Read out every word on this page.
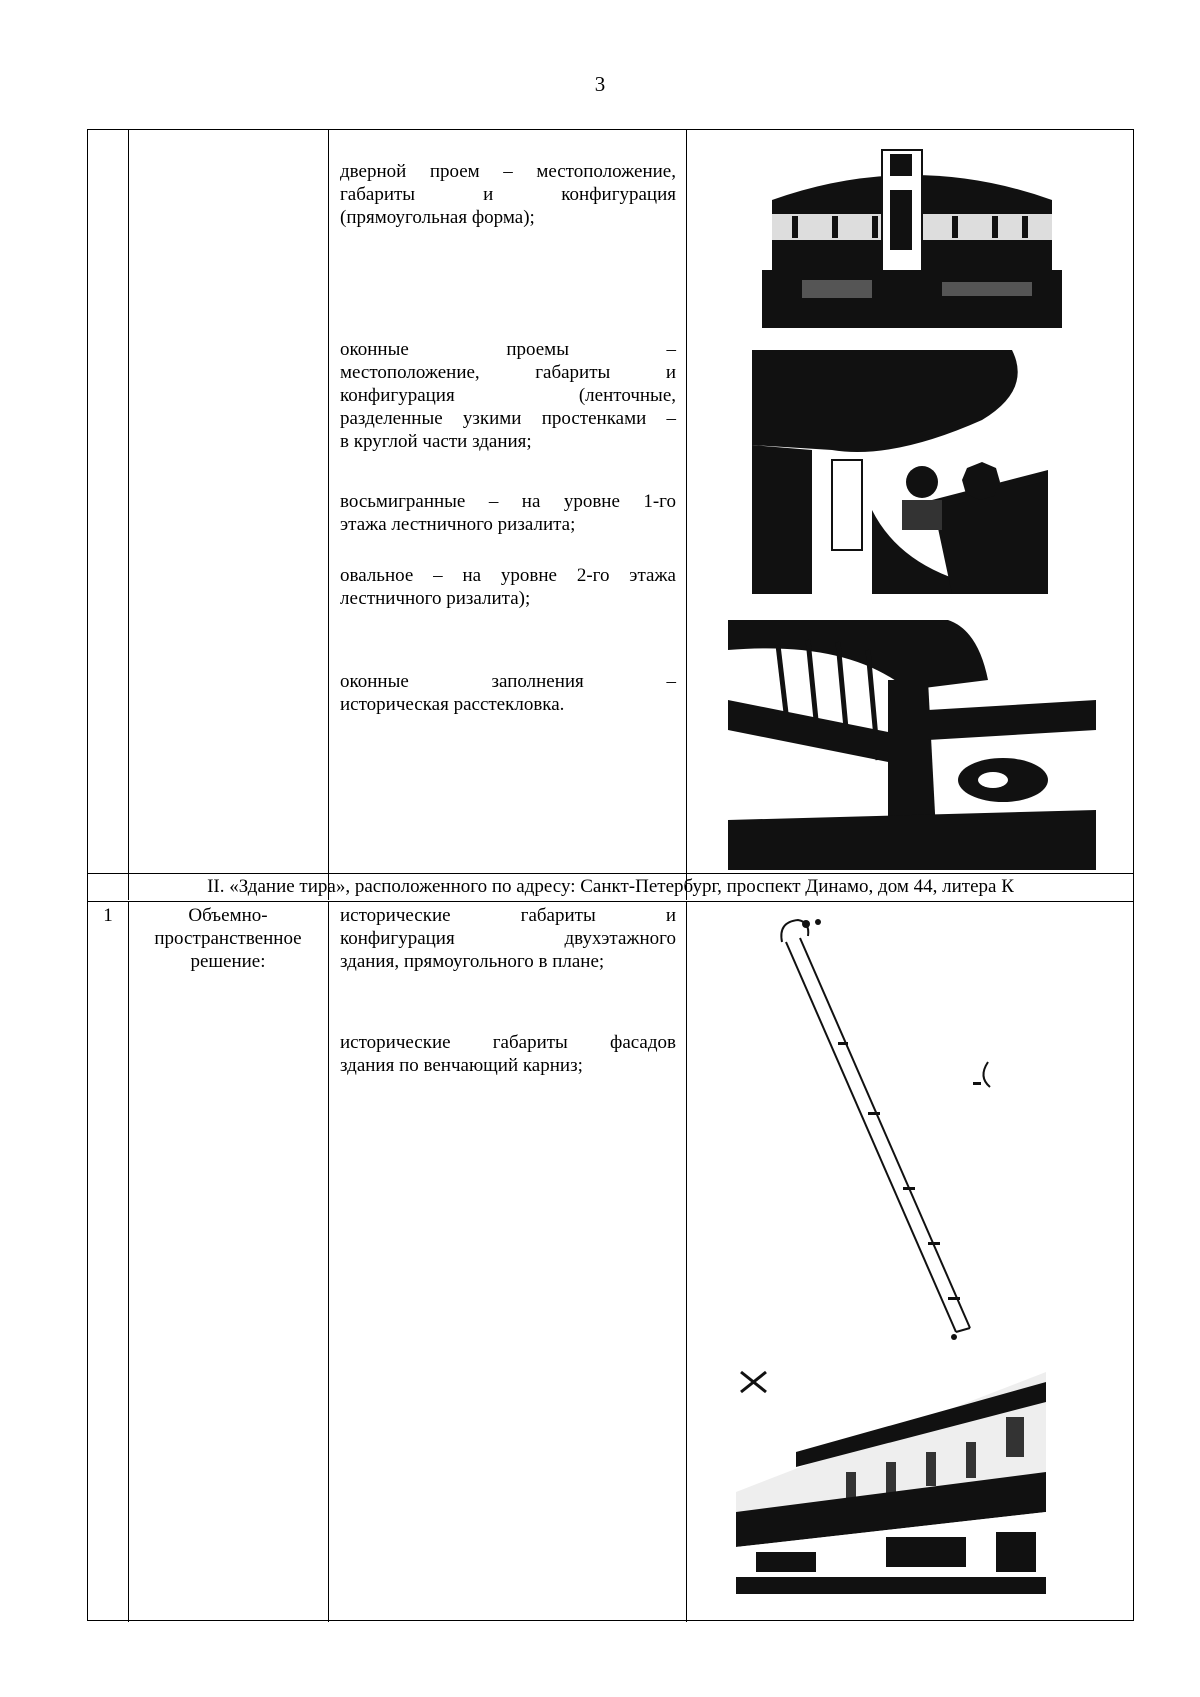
3
дверной проем – местоположение,
габариты и конфигурация
(прямоугольная форма);
оконные проемы –
местоположение, габариты и
конфигурация (ленточные,
разделенные узкими простенками –
в круглой части здания;
восьмигранные – на уровне 1-го
этажа лестничного ризалита;
овальное – на уровне 2-го этажа
лестничного ризалита);
оконные заполнения –
историческая расстекловка.
II. «Здание тира», расположенного по адресу: Санкт-Петербург, проспект Динамо, дом 44, литера К
1	Объемно-
пространственное
решение:
исторические габариты и
конфигурация двухэтажного
здания, прямоугольного в плане;
исторические габариты фасадов
здания по венчающий карниз;
